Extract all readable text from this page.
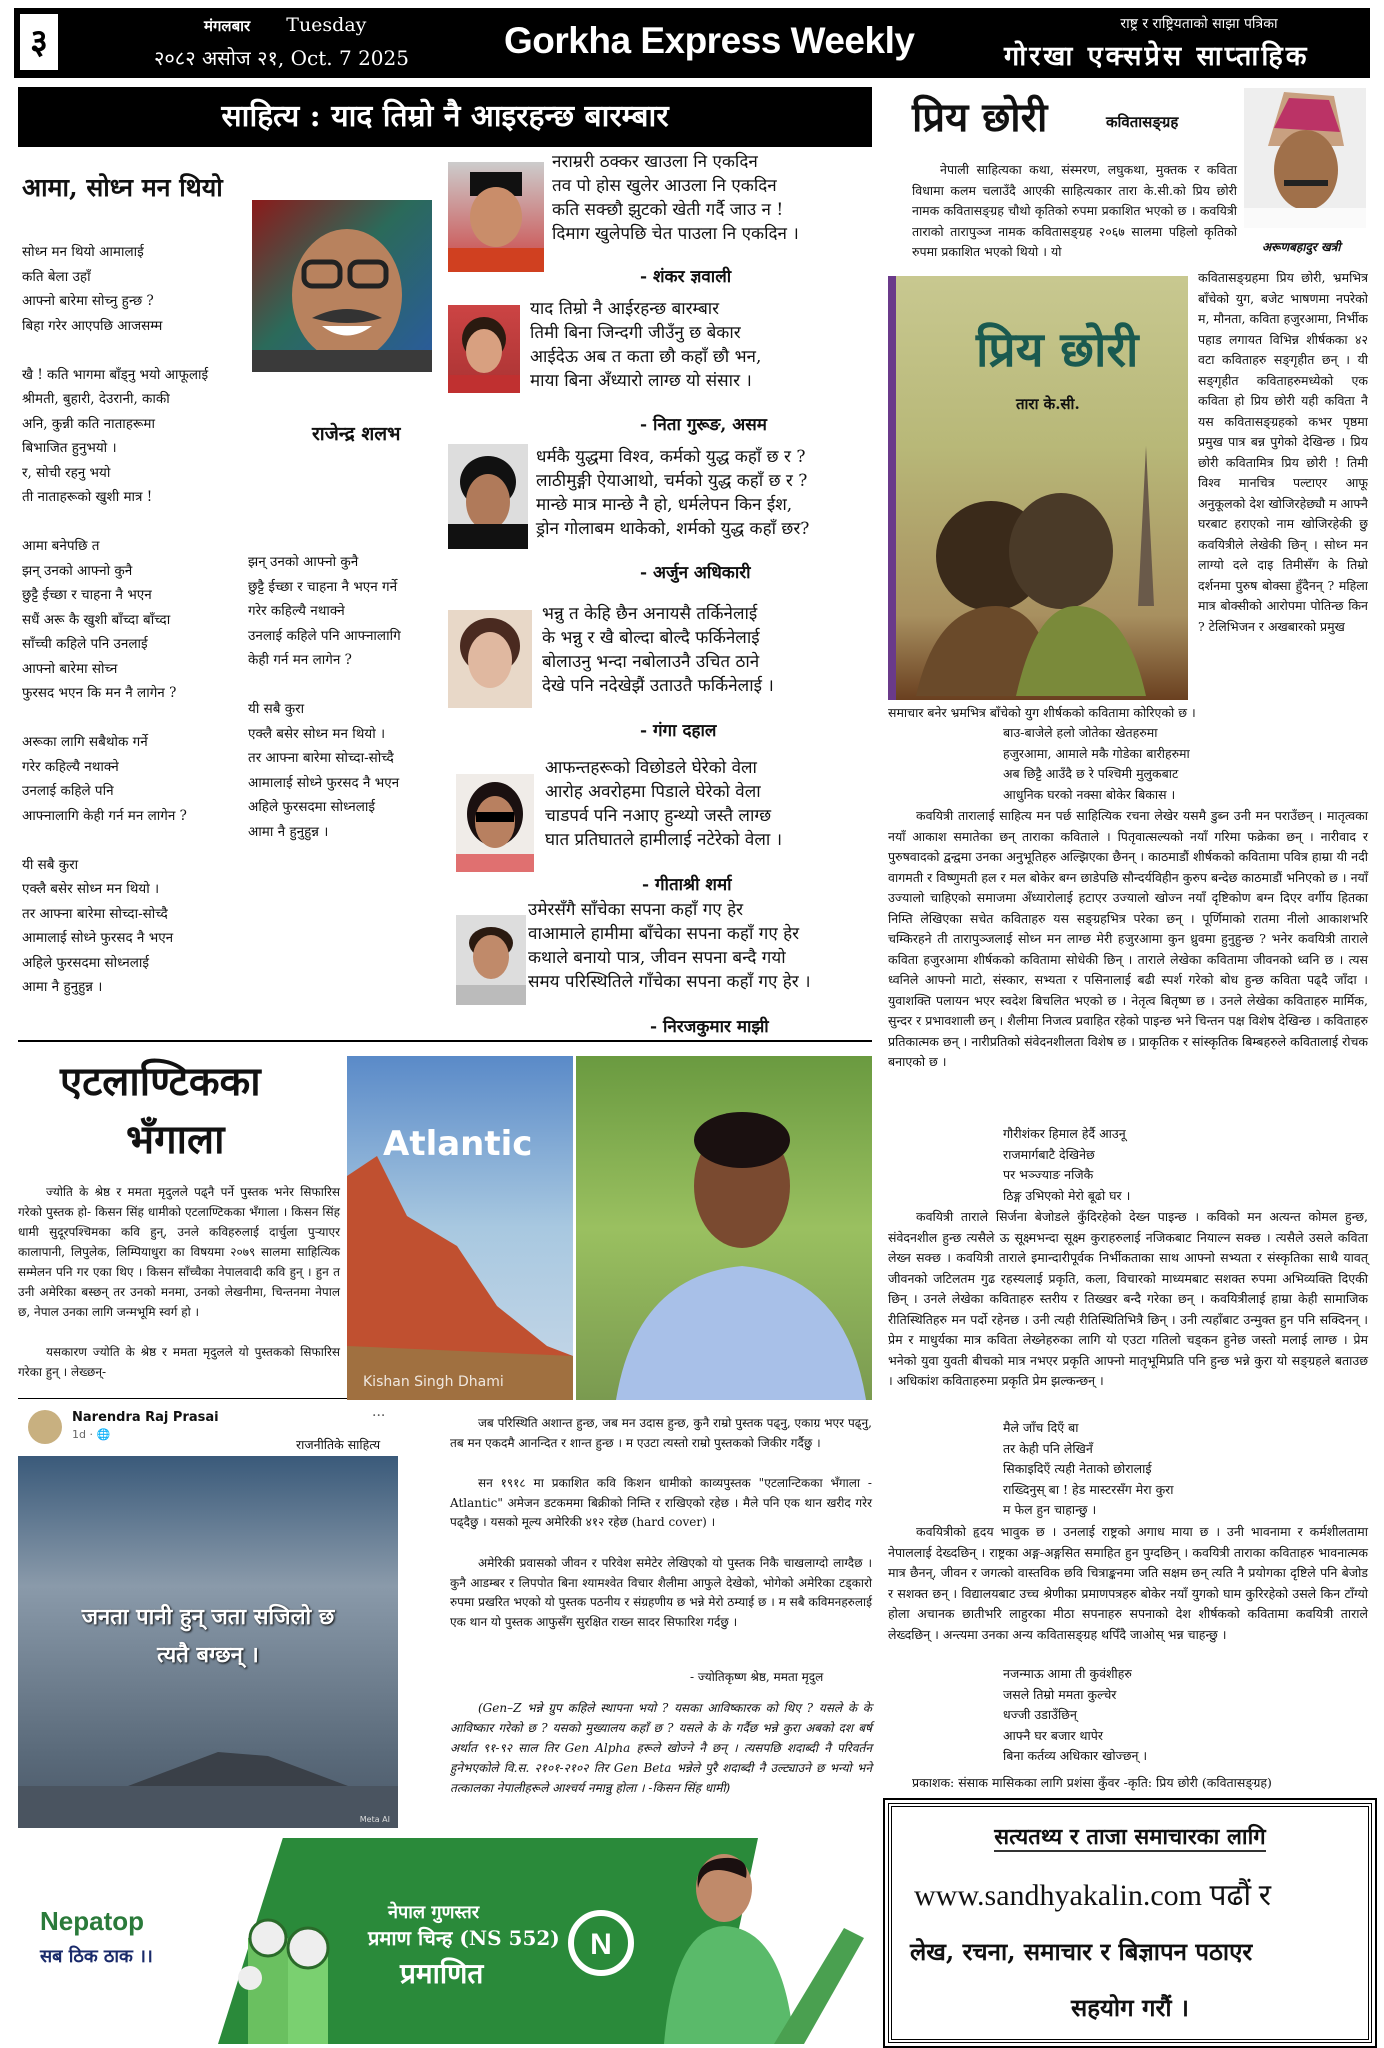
३	मंगलबार Tuesday
२०८२ असोज २१, Oct. 7 2025	Gorkha Express Weekly	राष्ट्र र राष्ट्रियताको साझा पत्रिका
गोरखा एक्सप्रेस साप्ताहिक
साहित्य : याद तिम्रो नै आइरहन्छ बारम्बार
आमा, सोध्न मन थियो
राजेन्द्र शलभ
सोध्न मन थियो आमालाई
कति बेला उहाँ
आफ्नो बारेमा सोच्नु हुन्छ ?
बिहा गरेर आएपछि आजसम्म

खै ! कति भागमा बाँड्नु भयो आफूलाई
श्रीमती, बुहारी, देउरानी, काकी
अनि, कुन्नी कति नाताहरूमा
बिभाजित हुनुभयो ।
र, सोची रहनु भयो
ती नाताहरूको खुशी मात्र !

आमा बनेपछि त
झन् उनको आफ्नो कुनै
छुट्टै ईच्छा र चाहना नै भएन
सधैं अरू कै खुशी बाँच्दा बाँच्दा
साँच्ची कहिले पनि उनलाई
आफ्नो बारेमा सोच्न
फुरसद भएन कि मन नै लागेन ?

अरूका लागि सबैथोक गर्ने
गरेर कहिल्यै नथाक्ने
उनलाई कहिले पनि
आफ्नालागि केही गर्न मन लागेन ?

यी सबै कुरा
एक्लै बसेर सोध्न मन थियो ।
तर आफ्ना बारेमा सोच्दा-सोच्दै
आमालाई सोध्ने फुरसद नै भएन
अहिले फुरसदमा सोध्नलाई
आमा नै हुनुहुन्न ।
झन् उनको आफ्नो कुनै
छुट्टै ईच्छा र चाहना नै भएन गर्ने
गरेर कहिल्यै नथाक्ने
उनलाई कहिले पनि आफ्नालागि
केही गर्न मन लागेन ?

यी सबै कुरा
एक्लै बसेर सोध्न मन थियो ।
तर आफ्ना बारेमा सोच्दा-सोच्दै
आमालाई सोध्ने फुरसद नै भएन
अहिले फुरसदमा सोध्नलाई
आमा नै हुनुहुन्न ।
नराम्ररी ठक्कर खाउला नि एकदिन
तव पो होस खुलेर आउला नि एकदिन
कति सक्छौ झुटको खेती गर्दै जाउ न !
दिमाग खुलेपछि चेत पाउला नि एकदिन ।
- शंकर ज्ञवाली
याद तिम्रो नै आईरहन्छ बारम्बार
तिमी बिना जिन्दगी जीउँनु छ बेकार
आईदेऊ अब त कता छौ कहाँ छौ भन,
माया बिना अँध्यारो लाग्छ यो संसार ।
- निता गुरूङ, असम
धर्मकै युद्धमा विश्व, कर्मको युद्ध कहाँ छ र ?
लाठीमुङ्गी ऐयाआथो, चर्मको युद्ध कहाँ छ र ?
मान्छे मात्र मान्छे नै हो, धर्मलेपन किन ईश,
ड्रोन गोलाबम थाकेको, शर्मको युद्ध कहाँ छर?
- अर्जुन अधिकारी
भन्नु त केहि छैन अनायसै तर्किनेलाई
के भन्नु र खै बोल्दा बोल्दै फर्किनेलाई
बोलाउनु भन्दा नबोलाउनै उचित ठाने
देखे पनि नदेखेझैं उताउतै फर्किनेलाई ।
- गंगा दहाल
आफन्तहरूको विछोडले घेरेको वेला
आरोह अवरोहमा पिडाले घेरेको वेला
चाडपर्व पनि नआए हुन्थ्यो जस्तै लाग्छ
घात प्रतिघातले हामीलाई नटेरेको वेला ।
- गीताश्री शर्मा
उमेरसँगै साँचेका सपना कहाँ गए हेर
वाआमाले हामीमा बाँचेका सपना कहाँ गए हेर
कथाले बनायो पात्र, जीवन सपना बन्दै गयो
समय परिस्थितिले गाँचेका सपना कहाँ गए हेर ।
- निरजकुमार माझी
प्रिय छोरी	कवितासङ्ग्रह
अरूणबहादुर खत्री
नेपाली साहित्यका कथा, संस्मरण, लघुकथा, मुक्तक र कविता विधामा कलम चलाउँदै आएकी साहित्यकार तारा के.सी.को प्रिय छोरी नामक कवितासङ्ग्रह चौथो कृतिको रुपमा प्रकाशित भएको छ । कवयित्री ताराको तारापुञ्ज नामक कवितासङ्ग्रह २०६७ सालमा पहिलो कृतिको रुपमा प्रकाशित भएको थियो । यो
प्रिय छोरी
तारा के.सी.
कवितासङ्ग्रहमा प्रिय छोरी, भ्रमभित्र बाँचेको युग, बजेट भाषणमा नपरेको म, मौनता, कविता हजुरआमा, निर्भीक पहाड लगायत विभिन्न शीर्षकका ४२ वटा कविताहरु सङ्गृहीत छन् । यी सङ्गृहीत कविताहरुमध्येको एक कविता हो प्रिय छोरी यही कविता नै यस कवितासङ्ग्रहको कभर पृष्ठमा प्रमुख पात्र बन्न पुगेको देखिन्छ । प्रिय छोरी कवितामित्र प्रिय छोरी ! तिमी विश्व मानचित्र पल्टाएर आफू अनुकूलको देश खोजिरहेछ्यौ म आफ्नै घरबाट हराएको नाम खोजिरहेकी छु कवयित्रीले लेखेकी छिन् । सोध्न मन लाग्यो दले दाइ तिमीसँग के तिम्रो दर्शनमा पुरुष बोक्सा हुँदैनन् ? महिला मात्र बोक्सीको आरोपमा पोतिन्छ किन ? टेलिभिजन र अखबारको प्रमुख
समाचार बनेर भ्रमभित्र बाँचेको युग शीर्षकको कवितामा कोरिएको छ ।
बाउ-बाजेले हलो जोतेका खेतहरुमा
हजुरआमा, आमाले मकै गोडेका बारीहरुमा
अब छिट्टै आउँदै छ रे पश्चिमी मुलुकबाट
आधुनिक घरको नक्सा बोकेर बिकास ।
कवयित्री तारालाई साहित्य मन पर्छ साहित्यिक रचना लेखेर यसमै डुब्न उनी मन पराउँछन् । मातृत्वका नयाँ आकाश समातेका छन् ताराका कविताले । पितृवात्सल्यको नयाँ गरिमा फक्रेका छन् । नारीवाद र पुरुषवादको द्वन्द्वमा उनका अनुभूतिहरु अल्झिएका छैनन् । काठमाडौं शीर्षकको कवितामा पवित्र हाम्रा यी नदी वागमती र विष्णुमती हल र मल बोकेर बग्न छाडेपछि सौन्दर्यविहीन कुरुप बन्देछ काठमाडौं भनिएको छ । नयाँ उज्यालो चाहिएको समाजमा अँध्यारोलाई हटाएर उज्यालो खोज्न नयाँ दृष्टिकोण बग्न दिएर वर्गीय हितका निम्ति लेखिएका सचेत कविताहरु यस सङ्ग्रहभित्र परेका छन् । पूर्णिमाको रातमा नीलो आकाशभरि चम्किरहने ती तारापुञ्जलाई सोध्न मन लाग्छ मेरी हजुरआमा कुन ध्रुवमा हुनुहुन्छ ? भनेर कवयित्री ताराले कविता हजुरआमा शीर्षकको कवितामा सोधेकी छिन् । ताराले लेखेका कवितामा जीवनको ध्वनि छ । त्यस ध्वनिले आफ्नो माटो, संस्कार, सभ्यता र पसिनालाई बढी स्पर्श गरेको बोध हुन्छ कविता पढ्दै जाँदा । युवाशक्ति पलायन भएर स्वदेश बिचलित भएको छ । नेतृत्व बितृष्ण छ । उनले लेखेका कविताहरु मार्मिक, सुन्दर र प्रभावशाली छन् । शैलीमा निजत्व प्रवाहित रहेको पाइन्छ भने चिन्तन पक्ष विशेष देखिन्छ । कविताहरु प्रतिकात्मक छन् । नारीप्रतिको संवेदनशीलता विशेष छ । प्राकृतिक र सांस्कृतिक बिम्बहरुले कवितालाई रोचक बनाएको छ ।
गौरीशंकर हिमाल हेर्दै आउनू
राजमार्गबाटै देखिनेछ
पर भञ्ज्याङ नजिकै
ठिङ्ग उभिएको मेरो बूढो घर ।
कवयित्री ताराले सिर्जना बेजोडले कुँदिरहेको देख्न पाइन्छ । कविको मन अत्यन्त कोमल हुन्छ, संवेदनशील हुन्छ त्यसैले ऊ सूक्ष्मभन्दा सूक्ष्म कुराहरुलाई नजिकबाट नियाल्न सक्छ । त्यसैले उसले कविता लेख्न सक्छ । कवयित्री ताराले इमान्दारीपूर्वक निर्भीकताका साथ आफ्नो सभ्यता र संस्कृतिका साथै यावत् जीवनको जटिलतम गुढ रहस्यलाई प्रकृति, कला, विचारको माध्यमबाट सशक्त रुपमा अभिव्यक्ति दिएकी छिन् । उनले लेखेका कविताहरु स्तरीय र तिख्खर बन्दै गरेका छन् । कवयित्रीलाई हाम्रा केही सामाजिक रीतिस्थितिहरु मन पर्दो रहेनछ । उनी त्यही रीतिस्थितिभित्रै छिन् । उनी त्यहाँबाट उन्मुक्त हुन पनि सक्दिनन् । प्रेम र माधुर्यका मात्र कविता लेख्नेहरुका लागि यो एउटा गतिलो चड्कन हुनेछ जस्तो मलाई लाग्छ । प्रेम भनेको युवा युवती बीचको मात्र नभएर प्रकृति आफ्नो मातृभूमिप्रति पनि हुन्छ भन्ने कुरा यो सङ्ग्रहले बताउछ । अधिकांश कविताहरुमा प्रकृति प्रेम झल्कन्छन् ।
मैले जाँच दिएँ बा
तर केही पनि लेखिनँ
सिकाइदिएँ त्यही नेताको छोरालाई
राख्दिनुस् बा ! हेड मास्टरसँग मेरा कुरा
म फेल हुन चाहान्छु ।
कवयित्रीको हृदय भावुक छ । उनलाई राष्ट्रको अगाध माया छ । उनी भावनामा र कर्मशीलतामा नेपाललाई देख्दछिन् । राष्ट्रका अङ्ग-अङ्गसित समाहित हुन पुग्दछिन् । कवयित्री ताराका कविताहरु भावनात्मक मात्र छैनन्, जीवन र जगत्को वास्तविक छवि चित्राङ्कनमा जति सक्षम छन् त्यति नै प्रयोगका दृष्टिले पनि बेजोड र सशक्त छन् । विद्यालयबाट उच्च श्रेणीका प्रमाणपत्रहरु बोकेर नयाँ युगको घाम कुरिरहेको उसले किन टाँग्यो होला अचानक छातीभरि लाहुरका मीठा सपनाहरु सपनाको देश शीर्षकको कवितामा कवयित्री ताराले लेख्दछिन् । अन्त्यमा उनका अन्य कवितासङ्ग्रह थपिँदै जाओस् भन्न चाहन्छु ।
नजन्माऊ आमा ती कुवंशीहरु
जसले तिम्रो ममता कुल्चेर
धज्जी उडाउँछिन्
आफ्नै घर बजार थापेर
बिना कर्तव्य अधिकार खोज्छन् ।
प्रकाशक: संसाक मासिकका लागि प्रशंसा कुँवर -कृति: प्रिय छोरी (कवितासङ्ग्रह)
सत्यतथ्य र ताजा समाचारका लागि
www.sandhyakalin.com पढौं र
लेख, रचना, समाचार र बिज्ञापन पठाएर
सहयोग गरौं ।
एटलाण्टिकका
भँगाला
ज्योति के श्रेष्ठ र ममता मृदुलले पढ्नै पर्ने पुस्तक भनेर सिफारिस गरेको पुस्तक हो- किसन सिंह धामीको एटलाण्टिकका भँगाला । किसन सिंह धामी सुदूरपश्चिमका कवि हुन्, उनले कविहरुलाई दार्चुला पुऱ्याएर कालापानी, लिपुलेक, लिम्पियाधुरा का विषयमा २०७९ सालमा साहित्यिक सम्मेलन पनि गर एका थिए । किसन साँच्चैका नेपालवादी कवि हुन् । हुन त उनी अमेरिका बस्छन् तर उनको मनमा, उनको लेखनीमा, चिन्तनमा नेपाल छ, नेपाल उनका लागि जन्मभूमि स्वर्ग हो ।
यसकारण ज्योति के श्रेष्ठ र ममता मृदुलले यो पुस्तकको सिफारिस गरेका हुन् । लेख्छन्-
Atlantic
Kishan Singh Dhami
Narendra Raj Prasai
1d · 🌐
···
राजनीतिके साहित्य
जनता पानी हुन् जता सजिलो छ
त्यतै बग्छन् ।
Meta AI
जब परिस्थिति अशान्त हुन्छ, जब मन उदास हुन्छ, कुनै राम्रो पुस्तक पढ्नु, एकाग्र भएर पढ्नु, तब मन एकदमै आनन्दित र शान्त हुन्छ । म एउटा त्यस्तो राम्रो पुस्तकको जिकीर गर्दैछु ।
सन १९१८ मा प्रकाशित कवि किशन धामीको काव्यपुस्तक "एटलान्टिकका भँगाला - Atlantic" अमेजन डटकममा बिक्रीको निम्ति र राखिएको रहेछ । मैले पनि एक थान खरीद गरेर पढ्दैछु । यसको मूल्य अमेरिकी ४१२ रहेछ (hard cover) ।
अमेरिकी प्रवासको जीवन र परिवेश समेटेर लेखिएको यो पुस्तक निकै चाखलाग्दो लाग्दैछ । कुनै आडम्बर र लिपपोत बिना श्यामश्वेत विचार शैलीमा आफुले देखेको, भोगेको अमेरिका टड्कारो रुपमा प्रखरित भएको यो पुस्तक पठनीय र संग्रहणीय छ भन्ने मेरो ठम्याई छ । म सबै कविमनहरुलाई एक थान यो पुस्तक आफुसँग सुरक्षित राख्न सादर सिफारिश गर्दछु ।
- ज्योतिकृष्ण श्रेष्ठ, ममता मृदुल
(Gen–Z भन्ने ग्रुप कहिले स्थापना भयो ? यसका आविष्कारक को थिए ? यसले के के आविष्कार गरेको छ ? यसको मुख्यालय कहाँ छ ? यसले के के गर्दैछ भन्ने कुरा अबको दश बर्ष अर्थात ९१-९२ साल तिर Gen Alpha हरूले खोज्ने नै छन् । त्यसपछि शदाब्दी नै परिवर्तन हुनेभएकोले वि.स. २१०१-२१०२ तिर Gen Beta भन्नेले पुरै शदाब्दी नै उल्ट्याउने छ भन्यो भने तत्कालका नेपालीहरूले आश्चर्य नमान्नु होला । -किसन सिंह धामी)
Nepatop
सब ठिक ठाक ।।
नेपाल गुणस्तर
प्रमाण चिन्ह (NS 552)
प्रमाणित
N
